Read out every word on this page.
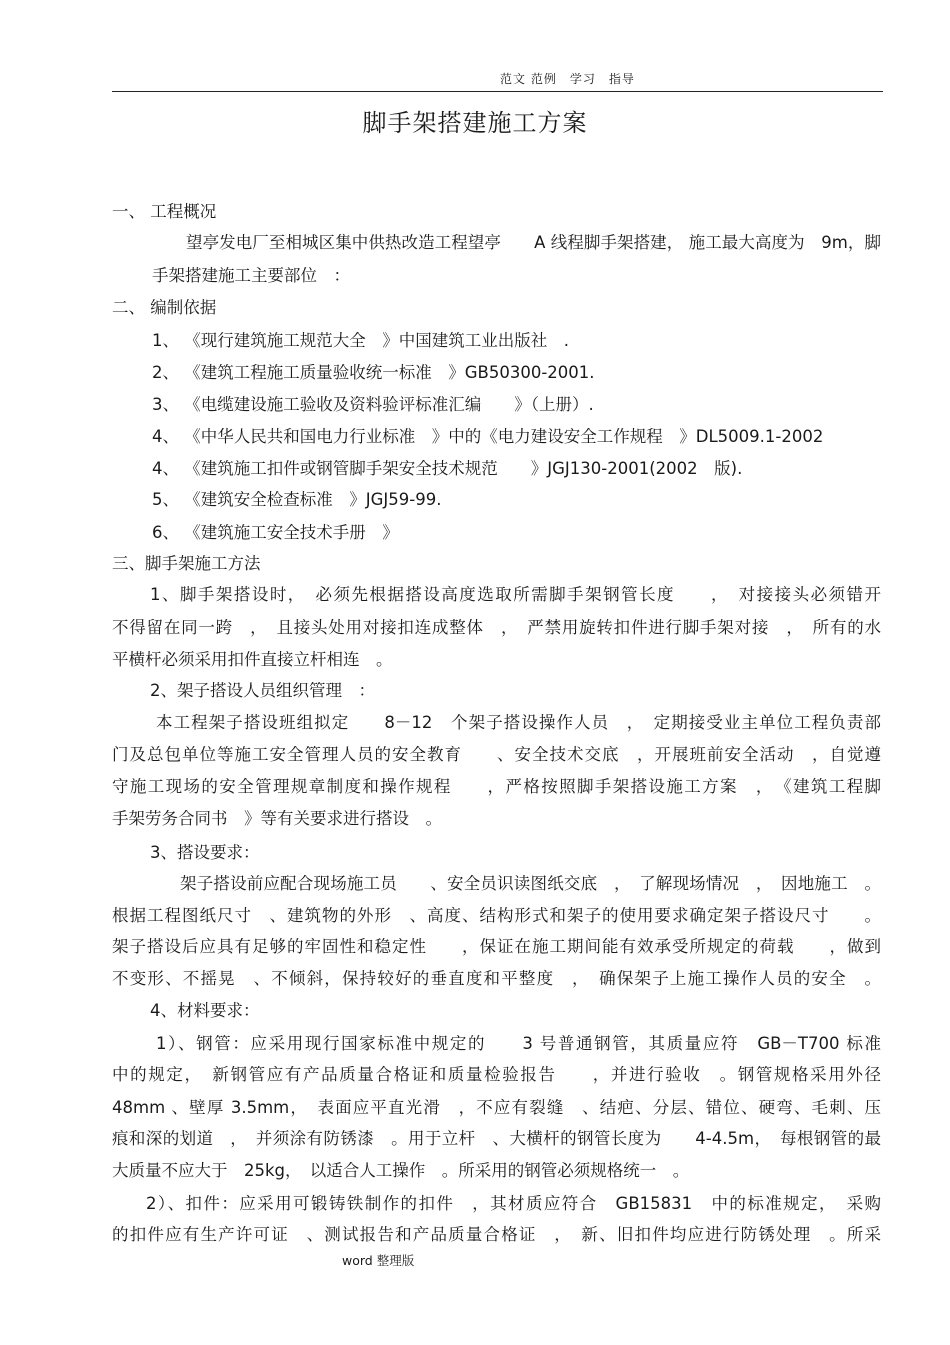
范文 范例　学习　指导
脚手架搭建施工方案
一、 工程概况
望亭发电厂至相城区集中供热改造工程望亭　　A 线程脚手架搭建， 施工最大高度为　9m，脚
手架搭建施工主要部位　：
二、 编制依据
1、 《现行建筑施工规范大全　》中国建筑工业出版社　.
2、 《建筑工程施工质量验收统一标准　》GB50300-2001.
3、 《电缆建设施工验收及资料验评标准汇编　　》（上册）.
4、 《中华人民共和国电力行业标准　》中的《电力建设安全工作规程　》DL5009.1-2002
4、 《建筑施工扣件或钢管脚手架安全技术规范　　》JGJ130-2001(2002　版).
5、 《建筑安全检查标准　》JGJ59-99.
6、 《建筑施工安全技术手册　》
三、脚手架施工方法
1、脚手架搭设时，　必须先根据搭设高度选取所需脚手架钢管长度　　，　对接接头必须错开
不得留在同一跨　，　且接头处用对接扣连成整体　，　严禁用旋转扣件进行脚手架对接　，　所有的水
平横杆必须采用扣件直接立杆相连　。
2、架子搭设人员组织管理　：
本工程架子搭设班组拟定　　8－12　个架子搭设操作人员　，　定期接受业主单位工程负责部
门及总包单位等施工安全管理人员的安全教育　　、安全技术交底　，开展班前安全活动　，自觉遵
守施工现场的安全管理规章制度和操作规程　　，严格按照脚手架搭设施工方案　，　《建筑工程脚
手架劳务合同书　》等有关要求进行搭设　。
3、搭设要求：
架子搭设前应配合现场施工员　　、安全员识读图纸交底　，　了解现场情况　，　因地施工　。
根据工程图纸尺寸　、建筑物的外形　、高度、结构形式和架子的使用要求确定架子搭设尺寸　　。
架子搭设后应具有足够的牢固性和稳定性　　，保证在施工期间能有效承受所规定的荷载　　，做到
不变形、不摇晃　、不倾斜，保持较好的垂直度和平整度　，　确保架子上施工操作人员的安全　。
4、材料要求：
1）、钢管：应采用现行国家标准中规定的　　3 号普通钢管，其质量应符　GB－T700 标准
中的规定，　新钢管应有产品质量合格证和质量检验报告　　，并进行验收　。钢管规格采用外径
48mm 、壁厚 3.5mm，　表面应平直光滑　，不应有裂缝　、结疤、分层、错位、硬弯、毛刺、压
痕和深的划道　，　并须涂有防锈漆　。用于立杆　、大横杆的钢管长度为　　4-4.5m，　每根钢管的最
大质量不应大于　25kg，　以适合人工操作　。所采用的钢管必须规格统一　。
2）、扣件：应采用可锻铸铁制作的扣件　，其材质应符合　GB15831　中的标准规定，　采购
的扣件应有生产许可证　、测试报告和产品质量合格证　，　新、旧扣件均应进行防锈处理　。所采
word 整理版
